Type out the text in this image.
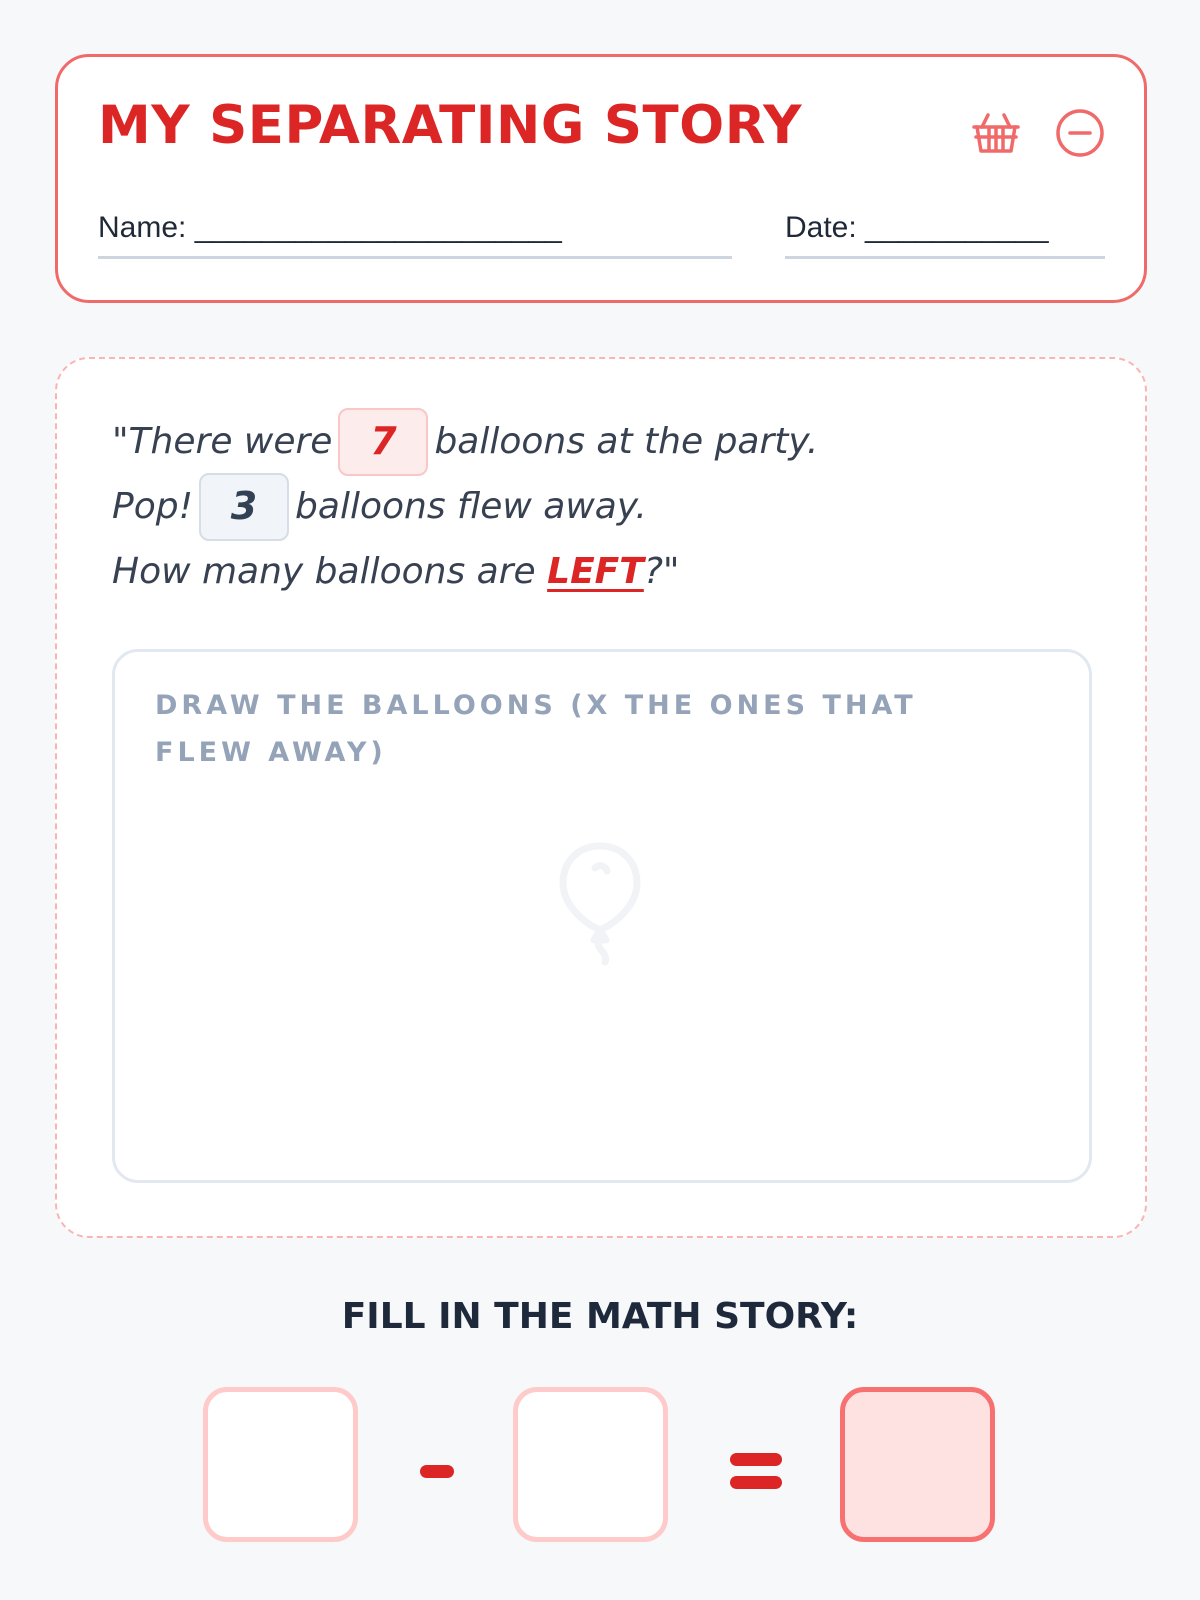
MY SEPARATING STORY
Name: ______________________	Date: ___________
"There were 7	balloons at the party.
Pop! 3	balloons flew away.
How many balloons are LEFT ?"
DRAW THE BALLOONS (X THE ONES THAT FLEW AWAY)
FILL IN THE MATH STORY:
